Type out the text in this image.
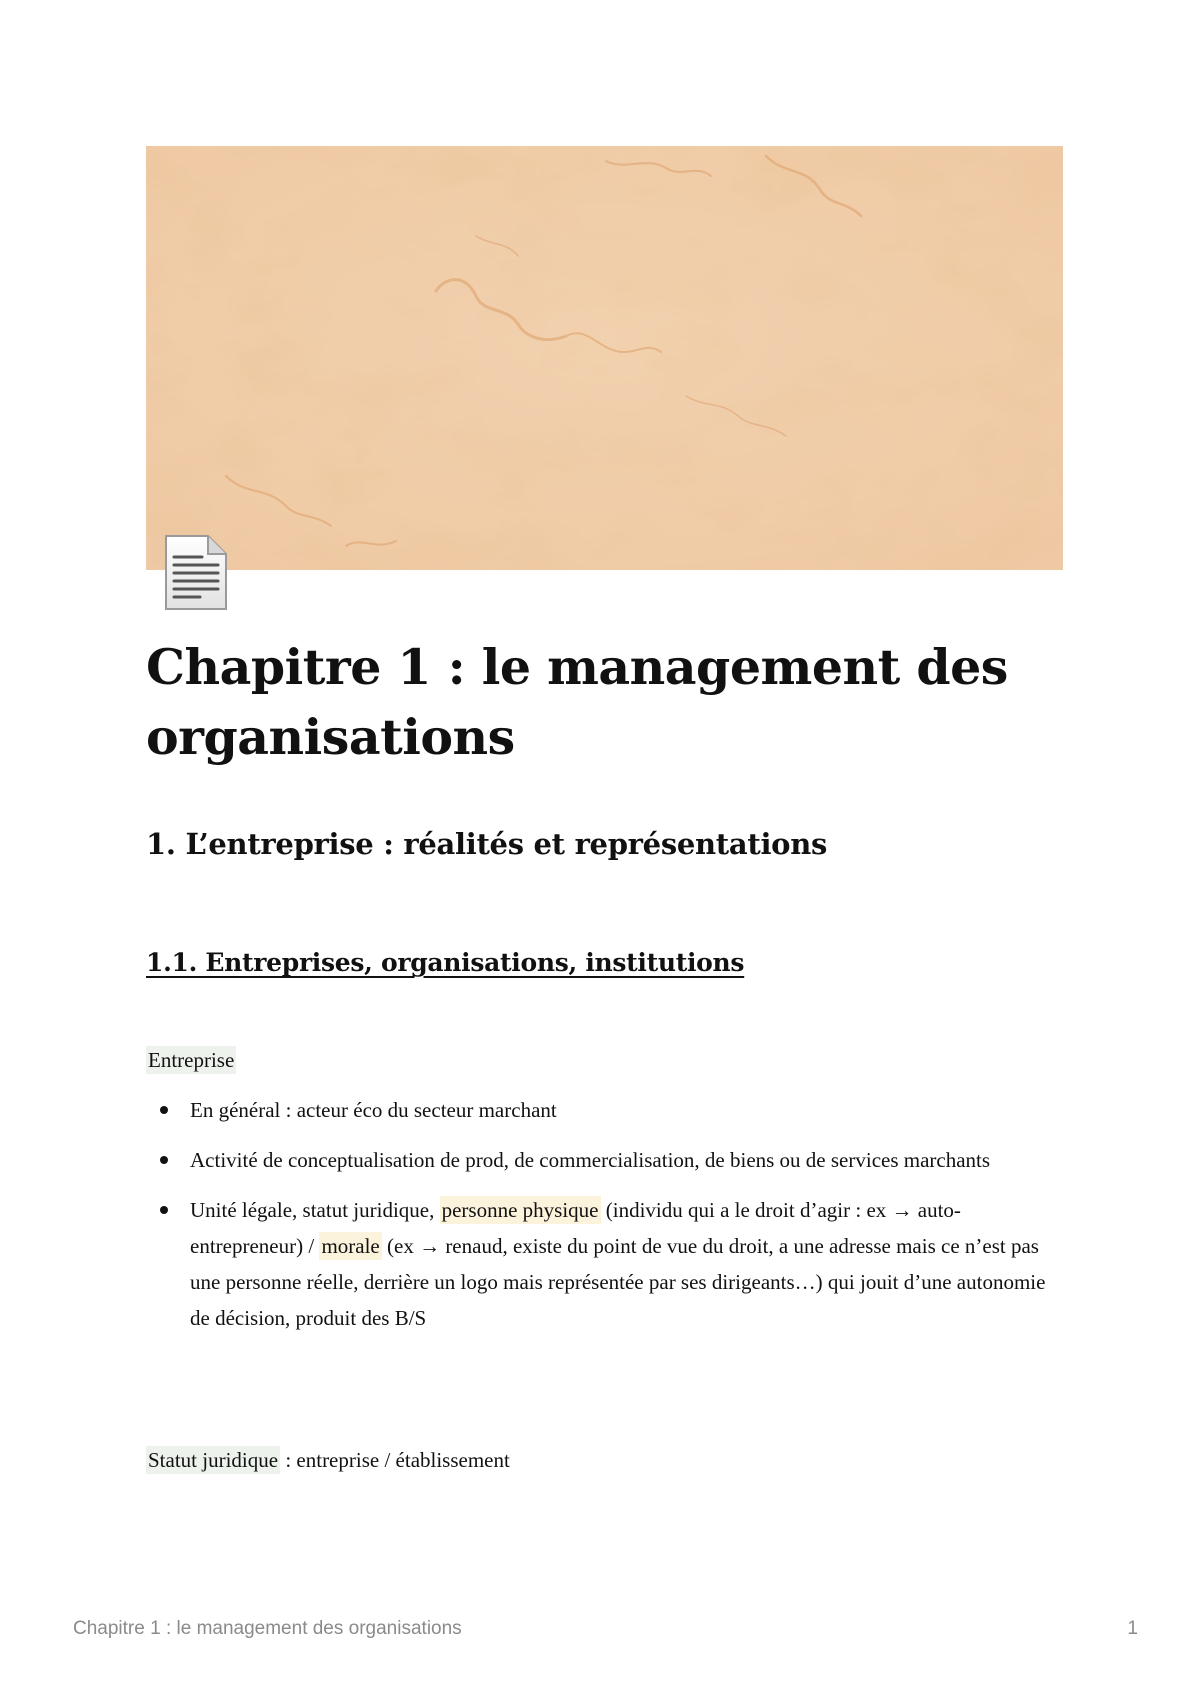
Chapitre 1 : le management des organisations
1. L’entreprise : réalités et représentations
1.1. Entreprises, organisations, institutions

Entreprise

En général : acteur éco du secteur marchant
Activité de conceptualisation de prod, de commercialisation, de biens ou de services marchants
Unité légale, statut juridique, personne physique (individu qui a le droit d’agir : ex → auto-entrepreneur) / morale (ex → renaud, existe du point de vue du droit, a une adresse mais ce n’est pas une personne réelle, derrière un logo mais représentée par ses dirigeants…) qui jouit d’une autonomie de décision, produit des B/S

Statut juridique : entreprise / établissement

Chapitre 1 : le management des organisations	1
